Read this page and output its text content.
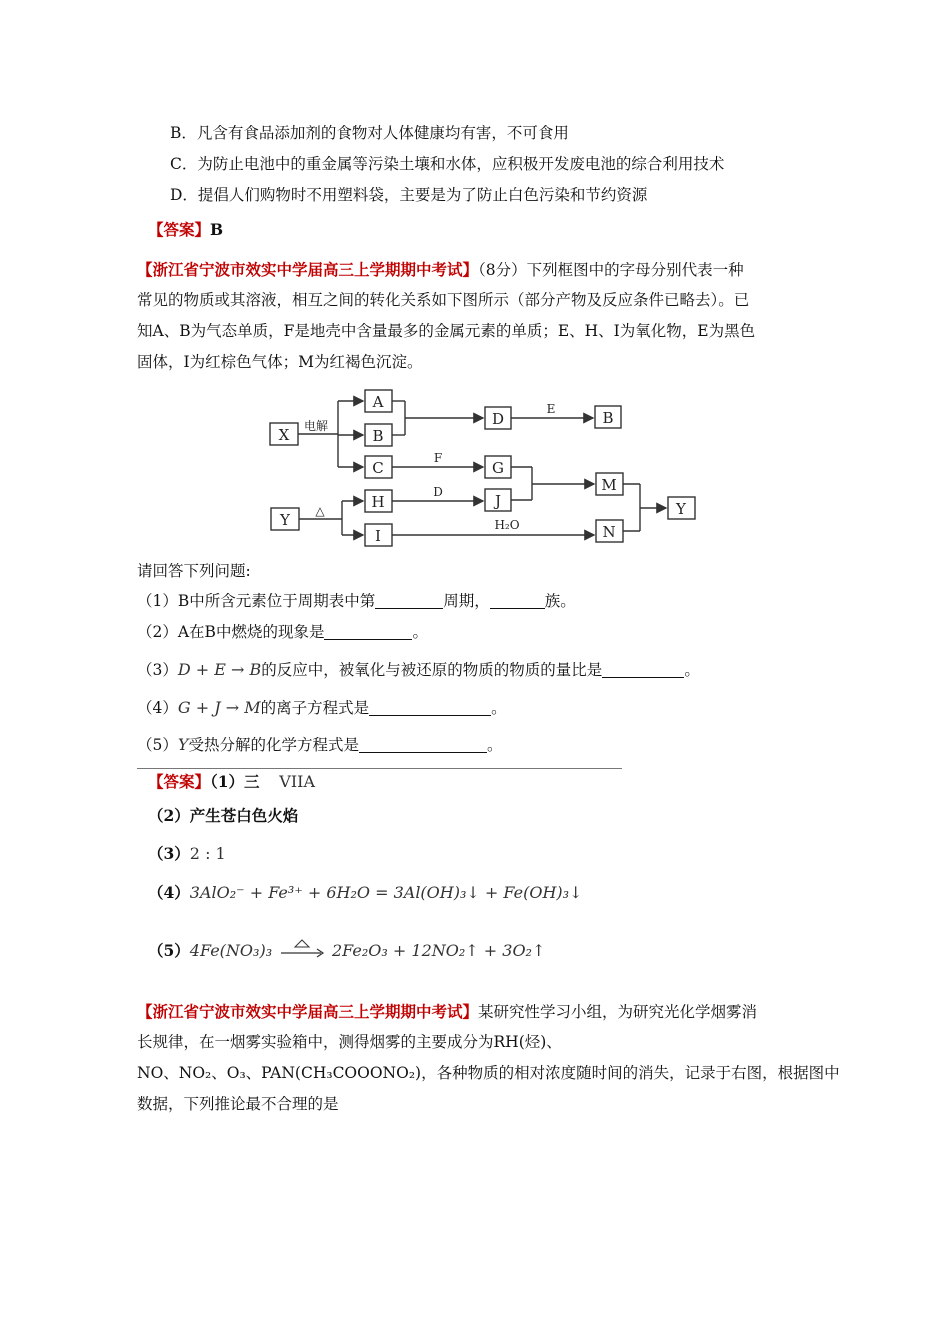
B．凡含有食品添加剂的食物对人体健康均有害，不可食用
C．为防止电池中的重金属等污染土壤和水体，应积极开发废电池的综合利用技术
D．提倡人们购物时不用塑料袋，主要是为了防止白色污染和节约资源
【答案】B
【浙江省宁波市效实中学届高三上学期期中考试】（8分）下列框图中的字母分别代表一种
常见的物质或其溶液，相互之间的转化关系如下图所示（部分产物及反应条件已略去）。已
知A、B为气态单质，F是地壳中含量最多的金属元素的单质；E、H、I为氧化物，E为黑色
固体，I为红棕色气体；M为红褐色沉淀。
X
A
B
C
D	B
G
Y
H	J
M
Y
I	N
电解
E
F
△
D
H₂O
请回答下列问题:
（1）B中所含元素位于周期表中第	周期，	族。
（2）A在B中燃烧的现象是	。
（3）D + E → B的反应中，被氧化与被还原的物质的物质的量比是	。
（4）G + J → M的离子方程式是	。
（5）Y受热分解的化学方程式是	。
【答案】（1）三 VIIA
（2）产生苍白色火焰
（3）2 : 1
（4）3AlO₂⁻ + Fe³⁺ + 6H₂O = 3Al(OH)₃↓ + Fe(OH)₃↓
（5）4Fe(NO₃)₃	2Fe₂O₃ + 12NO₂↑ + 3O₂↑
【浙江省宁波市效实中学届高三上学期期中考试】某研究性学习小组，为研究光化学烟雾消
长规律，在一烟雾实验箱中，测得烟雾的主要成分为RH(烃)、
NO、NO₂、O₃、PAN(CH₃COOONO₂)，各种物质的相对浓度随时间的消失，记录于右图，根据图中
数据，下列推论最不合理的是
